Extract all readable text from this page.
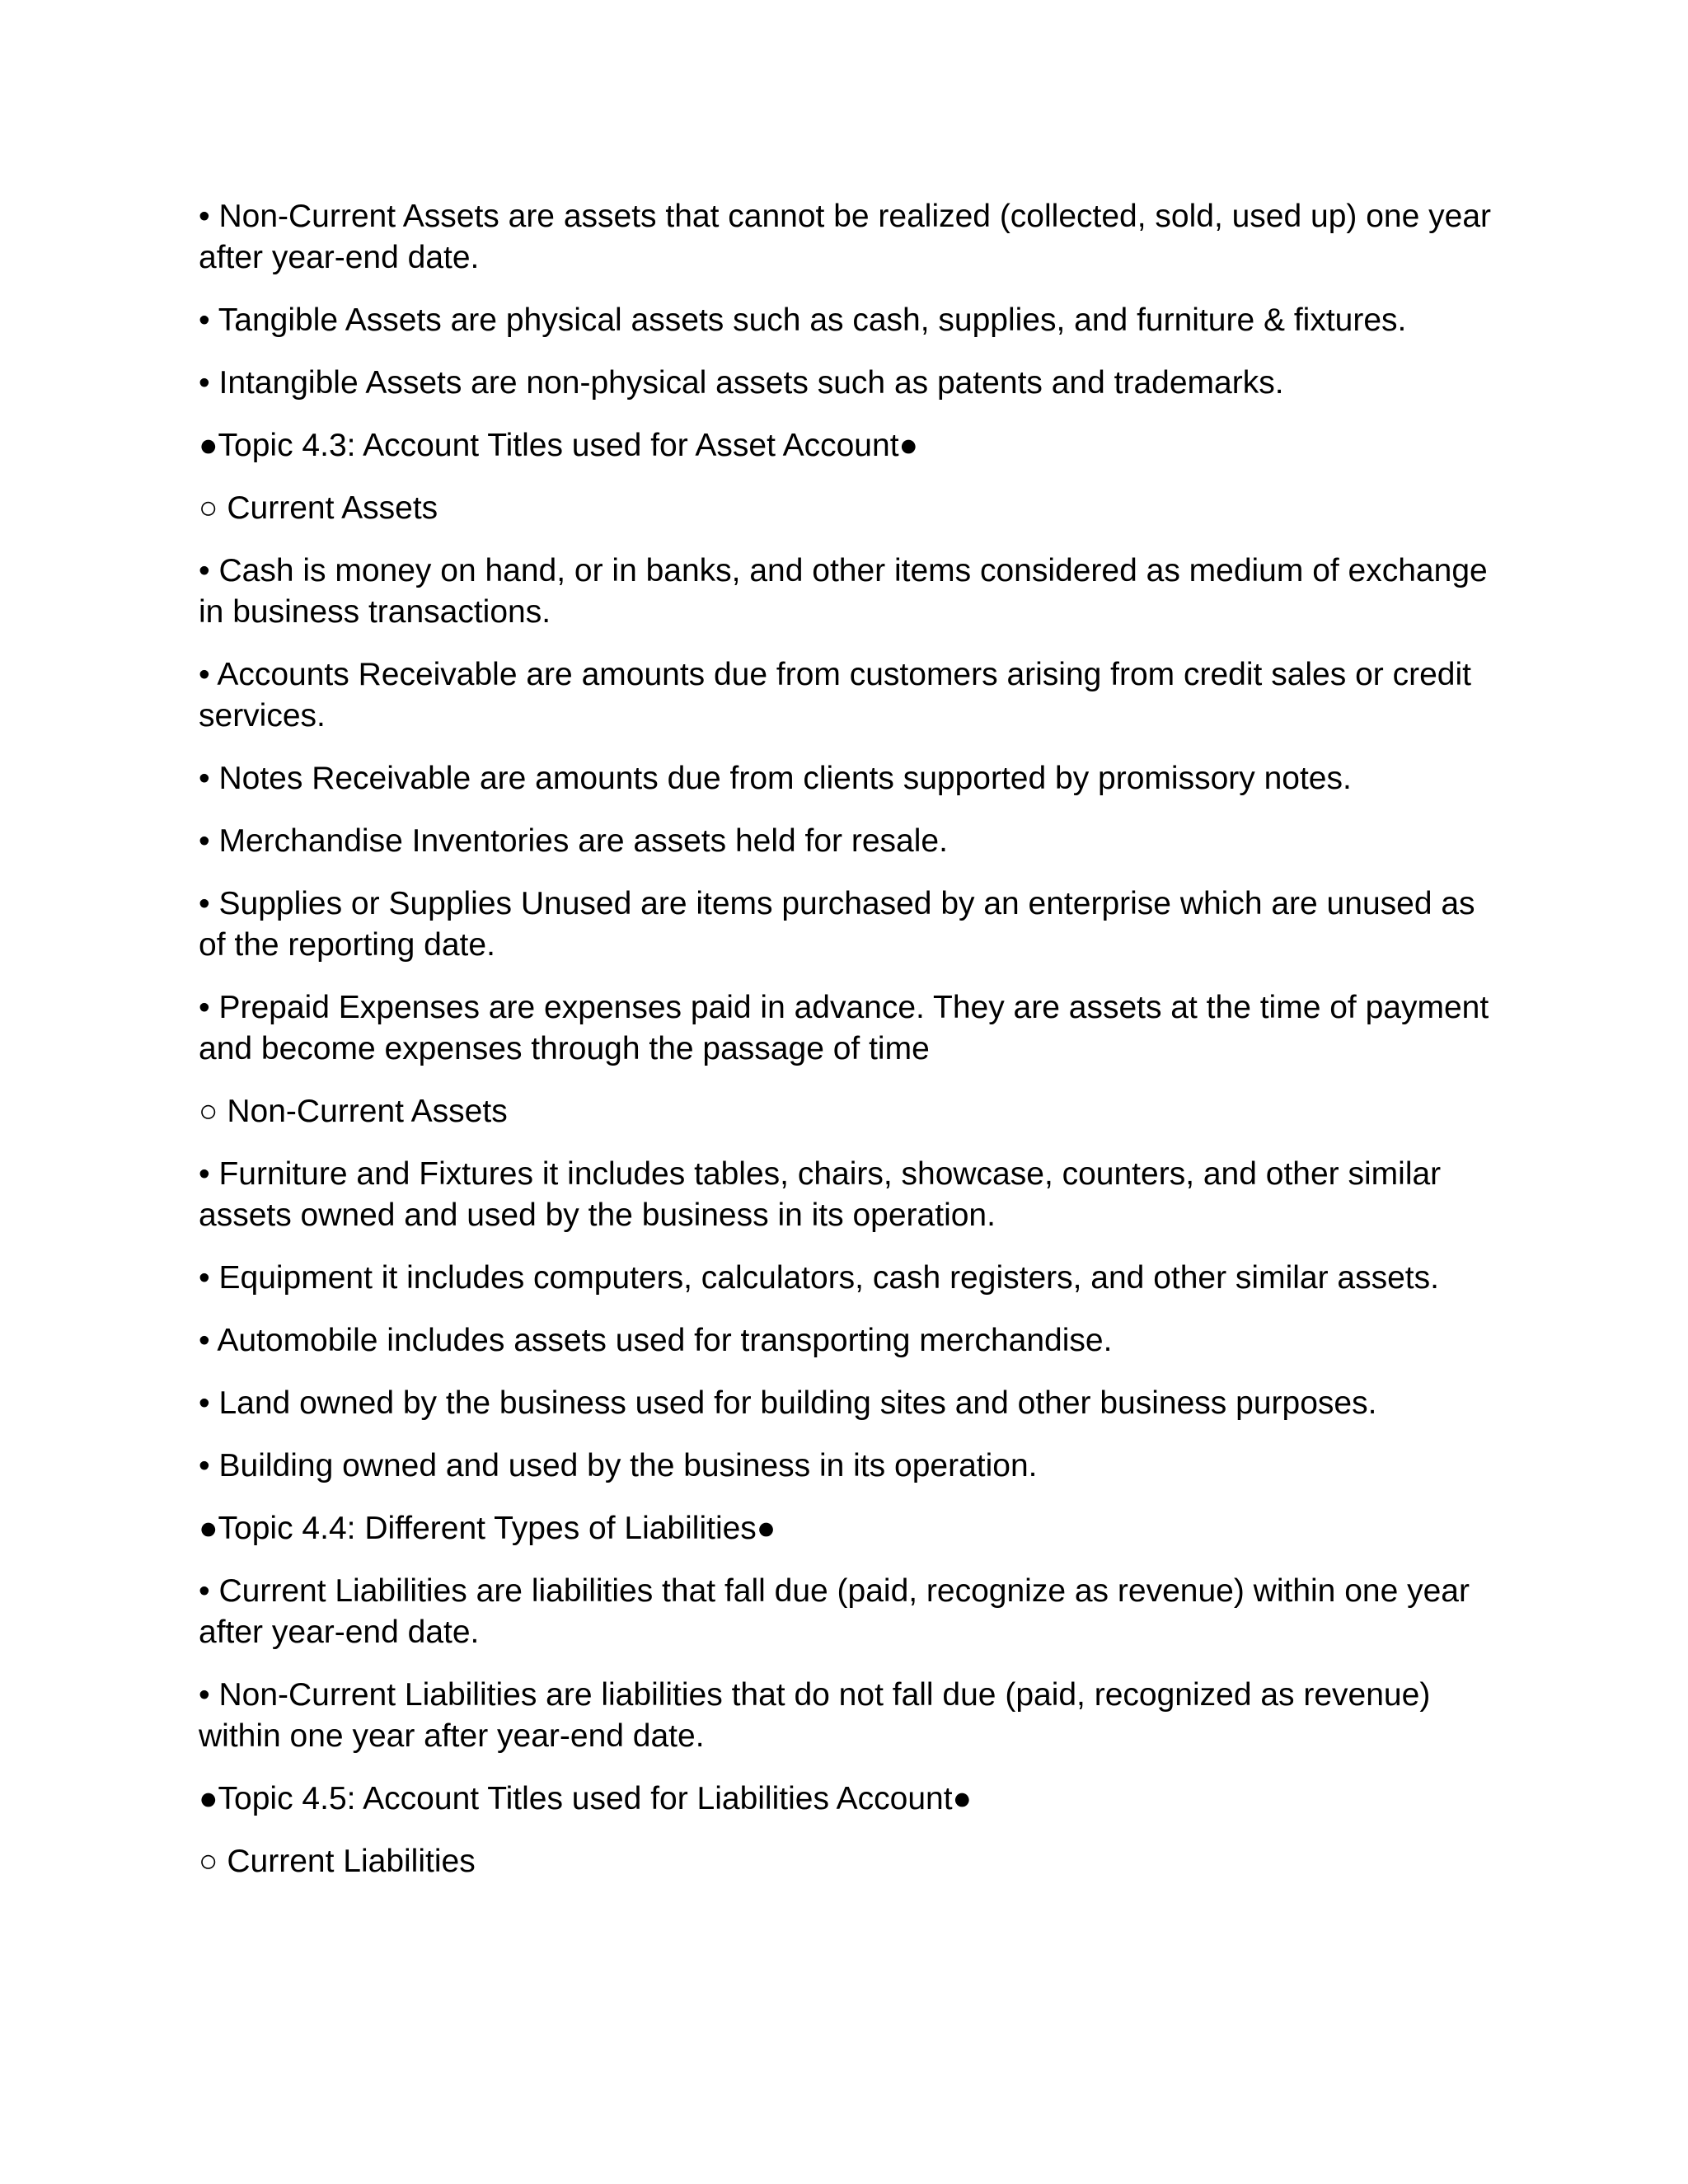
• Non-Current Assets are assets that cannot be realized (collected, sold, used up) one year after year-end date.

• Tangible Assets are physical assets such as cash, supplies, and furniture & fixtures.

• Intangible Assets are non-physical assets such as patents and trademarks.

●Topic 4.3: Account Titles used for Asset Account●

○ Current Assets

• Cash is money on hand, or in banks, and other items considered as medium of exchange in business transactions.

• Accounts Receivable are amounts due from customers arising from credit sales or credit services.

• Notes Receivable are amounts due from clients supported by promissory notes.

• Merchandise Inventories are assets held for resale.

• Supplies or Supplies Unused are items purchased by an enterprise which are unused as of the reporting date.

• Prepaid Expenses are expenses paid in advance. They are assets at the time of payment and become expenses through the passage of time

○ Non-Current Assets

• Furniture and Fixtures it includes tables, chairs, showcase, counters, and other similar assets owned and used by the business in its operation.

• Equipment it includes computers, calculators, cash registers, and other similar assets.

• Automobile includes assets used for transporting merchandise.

• Land owned by the business used for building sites and other business purposes.

• Building owned and used by the business in its operation.

●Topic 4.4: Different Types of Liabilities●

• Current Liabilities are liabilities that fall due (paid, recognize as revenue) within one year after year-end date.

• Non-Current Liabilities are liabilities that do not fall due (paid, recognized as revenue) within one year after year-end date.

●Topic 4.5: Account Titles used for Liabilities Account●

○ Current Liabilities
